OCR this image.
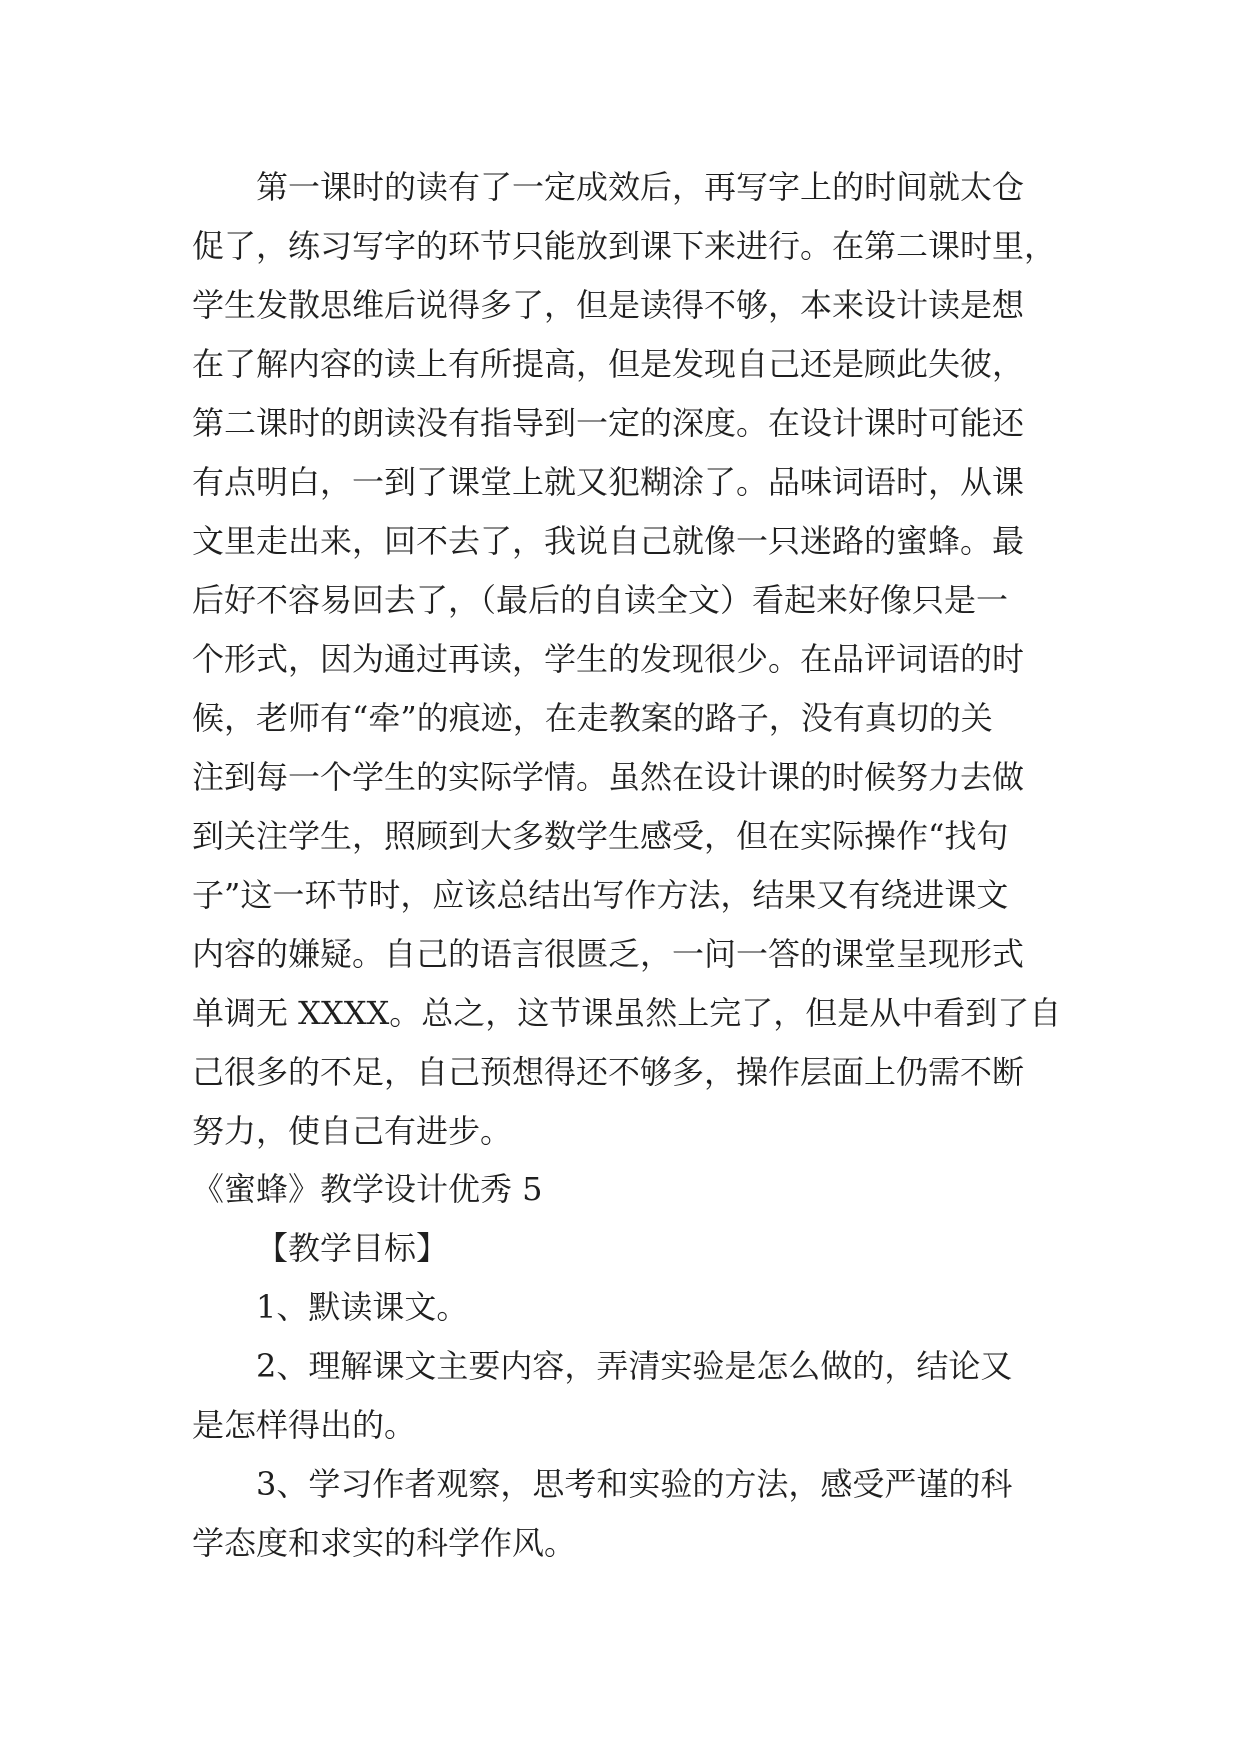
第一课时的读有了一定成效后，再写字上的时间就太仓
促了，练习写字的环节只能放到课下来进行。在第二课时里，
学生发散思维后说得多了，但是读得不够，本来设计读是想
在了解内容的读上有所提高，但是发现自己还是顾此失彼，
第二课时的朗读没有指导到一定的深度。在设计课时可能还
有点明白，一到了课堂上就又犯糊涂了。品味词语时，从课
文里走出来，回不去了，我说自己就像一只迷路的蜜蜂。最
后好不容易回去了，（最后的自读全文）看起来好像只是一
个形式，因为通过再读，学生的发现很少。在品评词语的时
候，老师有“牵”的痕迹，在走教案的路子，没有真切的关
注到每一个学生的实际学情。虽然在设计课的时候努力去做
到关注学生，照顾到大多数学生感受，但在实际操作“找句
子”这一环节时，应该总结出写作方法，结果又有绕进课文
内容的嫌疑。自己的语言很匮乏，一问一答的课堂呈现形式
单调无 XXXX。总之，这节课虽然上完了，但是从中看到了自
己很多的不足，自己预想得还不够多，操作层面上仍需不断
努力，使自己有进步。
《蜜蜂》教学设计优秀 5
【教学目标】
1、默读课文。
2、理解课文主要内容，弄清实验是怎么做的，结论又
是怎样得出的。
3、学习作者观察，思考和实验的方法，感受严谨的科
学态度和求实的科学作风。
